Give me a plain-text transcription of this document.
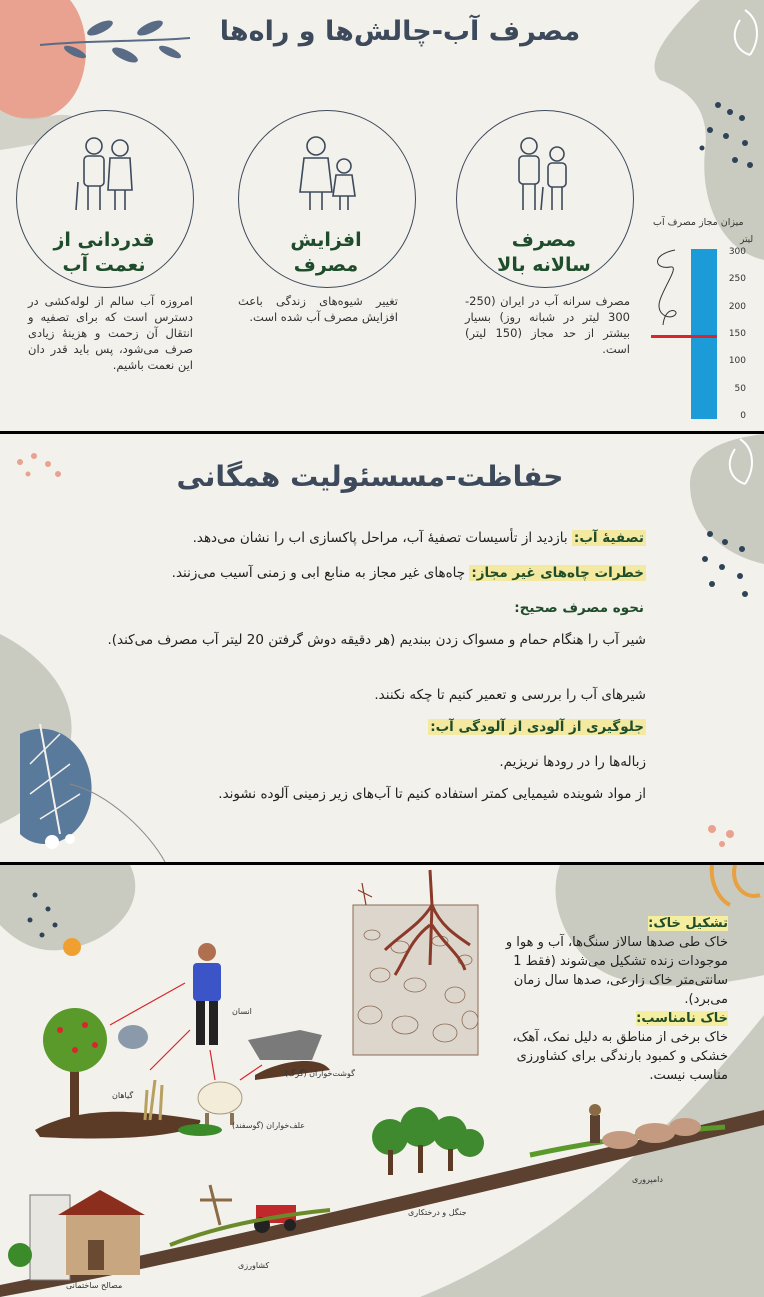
مصرف آب-چالش‌ها و راه‌ها
مصرف
سالانه بالا
مصرف سرانه آب در ایران (250-300 لیتر در شبانه روز) بسیار بیشتر از حد مجاز (150 لیتر) است.
افزایش
مصرف
تغییر شیوه‌های زندگی باعث افزایش مصرف آب شده است.
قدردانی از
نعمت آب
امروزه آب سالم از لوله‌کشی در دسترس است که برای تصفیه و انتقال آن زحمت و هزینهٔ زیادی صرف می‌شود، پس باید قدر دان این نعمت باشیم.
میزان مجاز مصرف آب
لیتر
300
250
200
150
100
50
0
حفاظت-مسسئولیت همگانی
تصفیهٔ آب: بازدید از تأسیسات تصفیهٔ آب، مراحل پاکسازی اب را نشان می‌دهد.
خطرات چاه‌های غیر مجاز: چاه‌های غیر مجاز به منابع ابی و زمنی آسیب می‌زنند.
نحوه مصرف صحیح:
شیر آب را هنگام حمام و مسواک زدن ببندیم (هر دقیقه دوش گرفتن 20 لیتر آب مصرف می‌کند).
شیرهای آب را بررسی و تعمیر کنیم تا چکه نکنند.
جلوگیری از آلودی از آلودگی آب:
زباله‌ها را در رودها نریزیم.
از مواد شوینده شیمیایی کمتر استفاده کنیم تا آب‌های زیر زمینی آلوده نشوند.
تشکیل خاک:
خاک طی صدها سالاز سنگ‌ها، آب و هوا و موجودات زنده تشکیل می‌شوند (فقط 1 سانتی‌متر خاک زارعی، صدها سال زمان می‌برد).
خاک نامناسب:
خاک برخی از مناطق به دلیل نمک، آهک، خشکی و کمبود بارندگی برای کشاورزی مناسب نیست.
انسان
گیاهان
گوشت‌خواران (گرگ)
علف‌خواران (گوسفند)
مصالح ساختمانی
کشاورزی
جنگل و درختکاری
دامپروری
